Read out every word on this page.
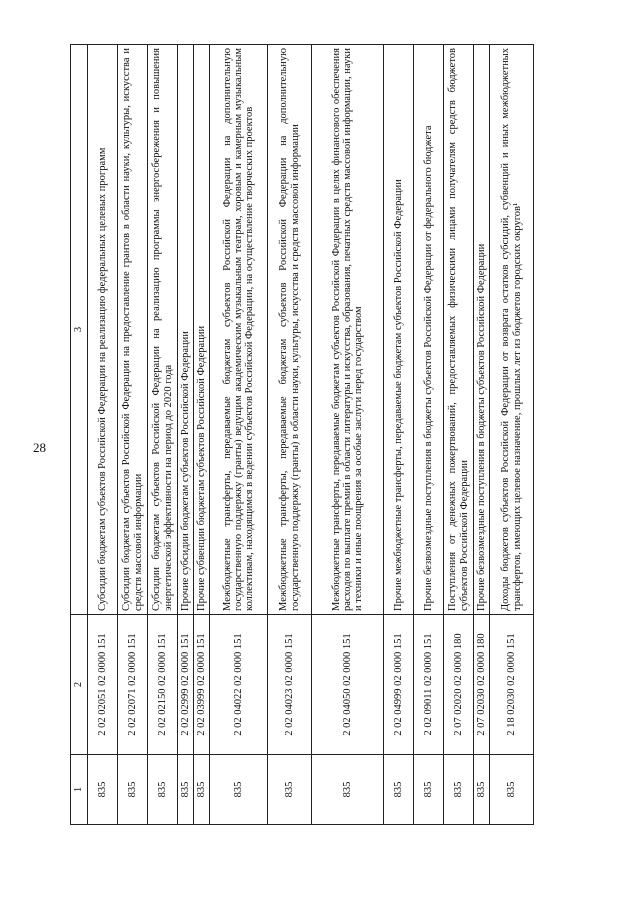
28
1	2	3
835	2 02 02051 02 0000 151	Субсидии бюджетам субъектов Российской Федерации на реализацию федеральных целевых программ
835	2 02 02071 02 0000 151	Субсидии бюджетам субъектов Российской Федерации на предоставление грантов в области науки, культуры, искусства и средств массовой информации
835	2 02 02150 02 0000 151	Субсидии бюджетам субъектов Российской Федерации на реализацию программы энергосбережения и повышения энергетической эффективности на период до 2020 года
835	2 02 02999 02 0000 151	Прочие субсидии бюджетам субъектов Российской Федерации
835	2 02 03999 02 0000 151	Прочие субвенции бюджетам субъектов Российской Федерации
835	2 02 04022 02 0000 151	Межбюджетные трансферты, передаваемые бюджетам субъектов Российской Федерации на дополнительную государственную поддержку (гранты) ведущим академическим музыкальным театрам, хоровым и камерным музыкальным коллективам, находящимся в ведении субъектов Российской Федерации, на осуществление творческих проектов
835	2 02 04023 02 0000 151	Межбюджетные трансферты, передаваемые бюджетам субъектов Российской Федерации на дополнительную государственную поддержку (гранты) в области науки, культуры, искусства и средств массовой информации
835	2 02 04050 02 0000 151	Межбюджетные трансферты, передаваемые бюджетам субъектов Российской Федерации в целях финансового обеспечения расходов по выплате премий в области литературы и искусства, образования, печатных средств массовой информации, науки и техники и иные поощрения за особые заслуги перед государством
835	2 02 04999 02 0000 151	Прочие межбюджетные трансферты, передаваемые бюджетам субъектов Российской Федерации
835	2 02 09011 02 0000 151	Прочие безвозмездные поступления в бюджеты субъектов Российской Федерации от федерального бюджета
835	2 07 02020 02 0000 180	Поступления от денежных пожертвований, предоставляемых физическими лицами получателям средств бюджетов субъектов Российской Федерации
835	2 07 02030 02 0000 180	Прочие безвозмездные поступления в бюджеты субъектов Российской Федерации
835	2 18 02030 02 0000 151	Доходы бюджетов субъектов Российской Федерации от возврата остатков субсидий, субвенций и иных межбюджетных трансфертов, имеющих целевое назначение, прошлых лет из бюджетов городских округов¹
